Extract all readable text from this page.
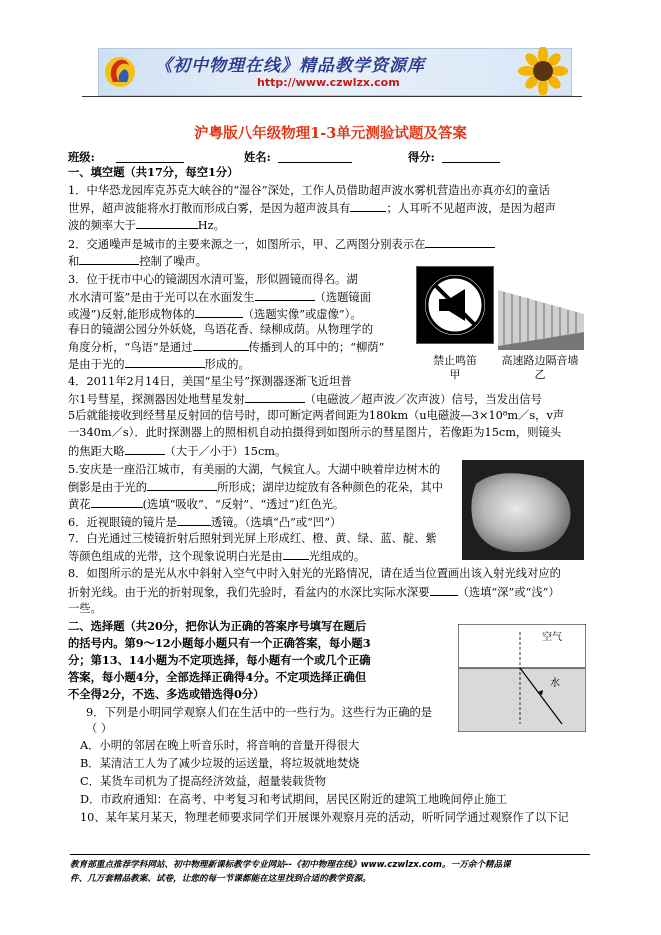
《初中物理在线》精品教学资源库
http://www.czwlzx.com
沪粤版八年级物理1-3单元测验试题及答案
班级:	姓名:	得分:
一、填空题（共17分，每空1分）
1．中华恐龙园库克苏克大峡谷的“湿谷”深处，工作人员借助超声波水雾机营造出亦真亦幻的童话
世界，超声波能将水打散而形成白雾，是因为超声波具有	；人耳听不见超声波，是因为超声
波的频率大于	Hz。
2．交通噪声是城市的主要来源之一，如图所示，甲、乙两图分别表示在
和	控制了噪声。
3．位于抚市中心的镜湖因水清可鉴，形似圆镜而得名。湖
水水清可鉴”是由于光可以在水面发生	（选题镜面
或漫”)反射,能形成物体的	（选题实像”或虚像”）。
春日的镜湖公园分外妖娆，鸟语花香、绿柳成荫。从物理学的
角度分析，“鸟语”是通过	传播到人的耳中的；“柳荫”
是由于光的	形成的。	禁止鸣笛
甲
高速路边隔音墙
乙
4．2011年2月14日，美国“星尘号”探测器逐渐飞近坦普
尔1号彗星，探测器因处地彗星发射	（电磁波／超声波／次声波）信号，当发出信号
5后就能接收到经彗星反射回的信号时，即可断定两者间距为180km（u电磁波—3×10⁸m／s，v声
一340m／s）．此时探测器上的照相机自动拍摄得到如图所示的彗星图片，若像距为15cm，则镜头
的焦距大略	（大于／小于）15cm。
5.安庆是一座沿江城市，有美丽的大湖，气候宜人。大湖中映着岸边树木的
倒影是由于光的	所形成；湖岸边绽放有各种颜色的花朵，其中
黄花	(选填“吸收”、“反射”、“透过”)红色光。
6．近视眼镜的镜片是	透镜。（选填“凸”或“凹”）
7．白光通过三棱镜折射后照射到光屏上形成红、橙、黄、绿、蓝、靛、紫
等颜色组成的光带，这个现象说明白光是由 光组成的。
8．如图所示的是光从水中斜射入空气中时入射光的光路情况，请在适当位置画出该入射光线对应的
折射光线。由于光的折射现象，我们先验时，看盆内的水深比实际水深要 （选填“深”或“浅”）
一些。
二、选择题（共20分，把你认为正确的答案序号填写在题后
的括号内。第9～12小题每小题只有一个正确答案，每小题3
分；第13、14小题为不定项选择，每小题有一个或几个正确
答案，每小题4分，全部选择正确得4分。不定项选择正确但
不全得2分，不选、多选或错选得0分）
空气
水
9．下列是小明同学观察人们在生活中的一些行为。这些行为正确的是
（ ）
A．小明的邻居在晚上听音乐时，将音响的音量开得很大
B．某清洁工人为了减少垃圾的运送量，将垃圾就地焚烧
C．某货车司机为了提高经济效益，超量装载货物
D．市政府通知：在高考、中考复习和考试期间，居民区附近的建筑工地晚间停止施工
10、某年某月某天，物理老师要求同学们开展课外观察月亮的活动，听听同学通过观察作了以下记
教育部重点推荐学科网站、初中物理新课标教学专业网站--《初中物理在线》www.czwlzx.com。一万余个精品课
件、几万套精品教案、试卷，让您的每一节课都能在这里找到合适的教学资源。
